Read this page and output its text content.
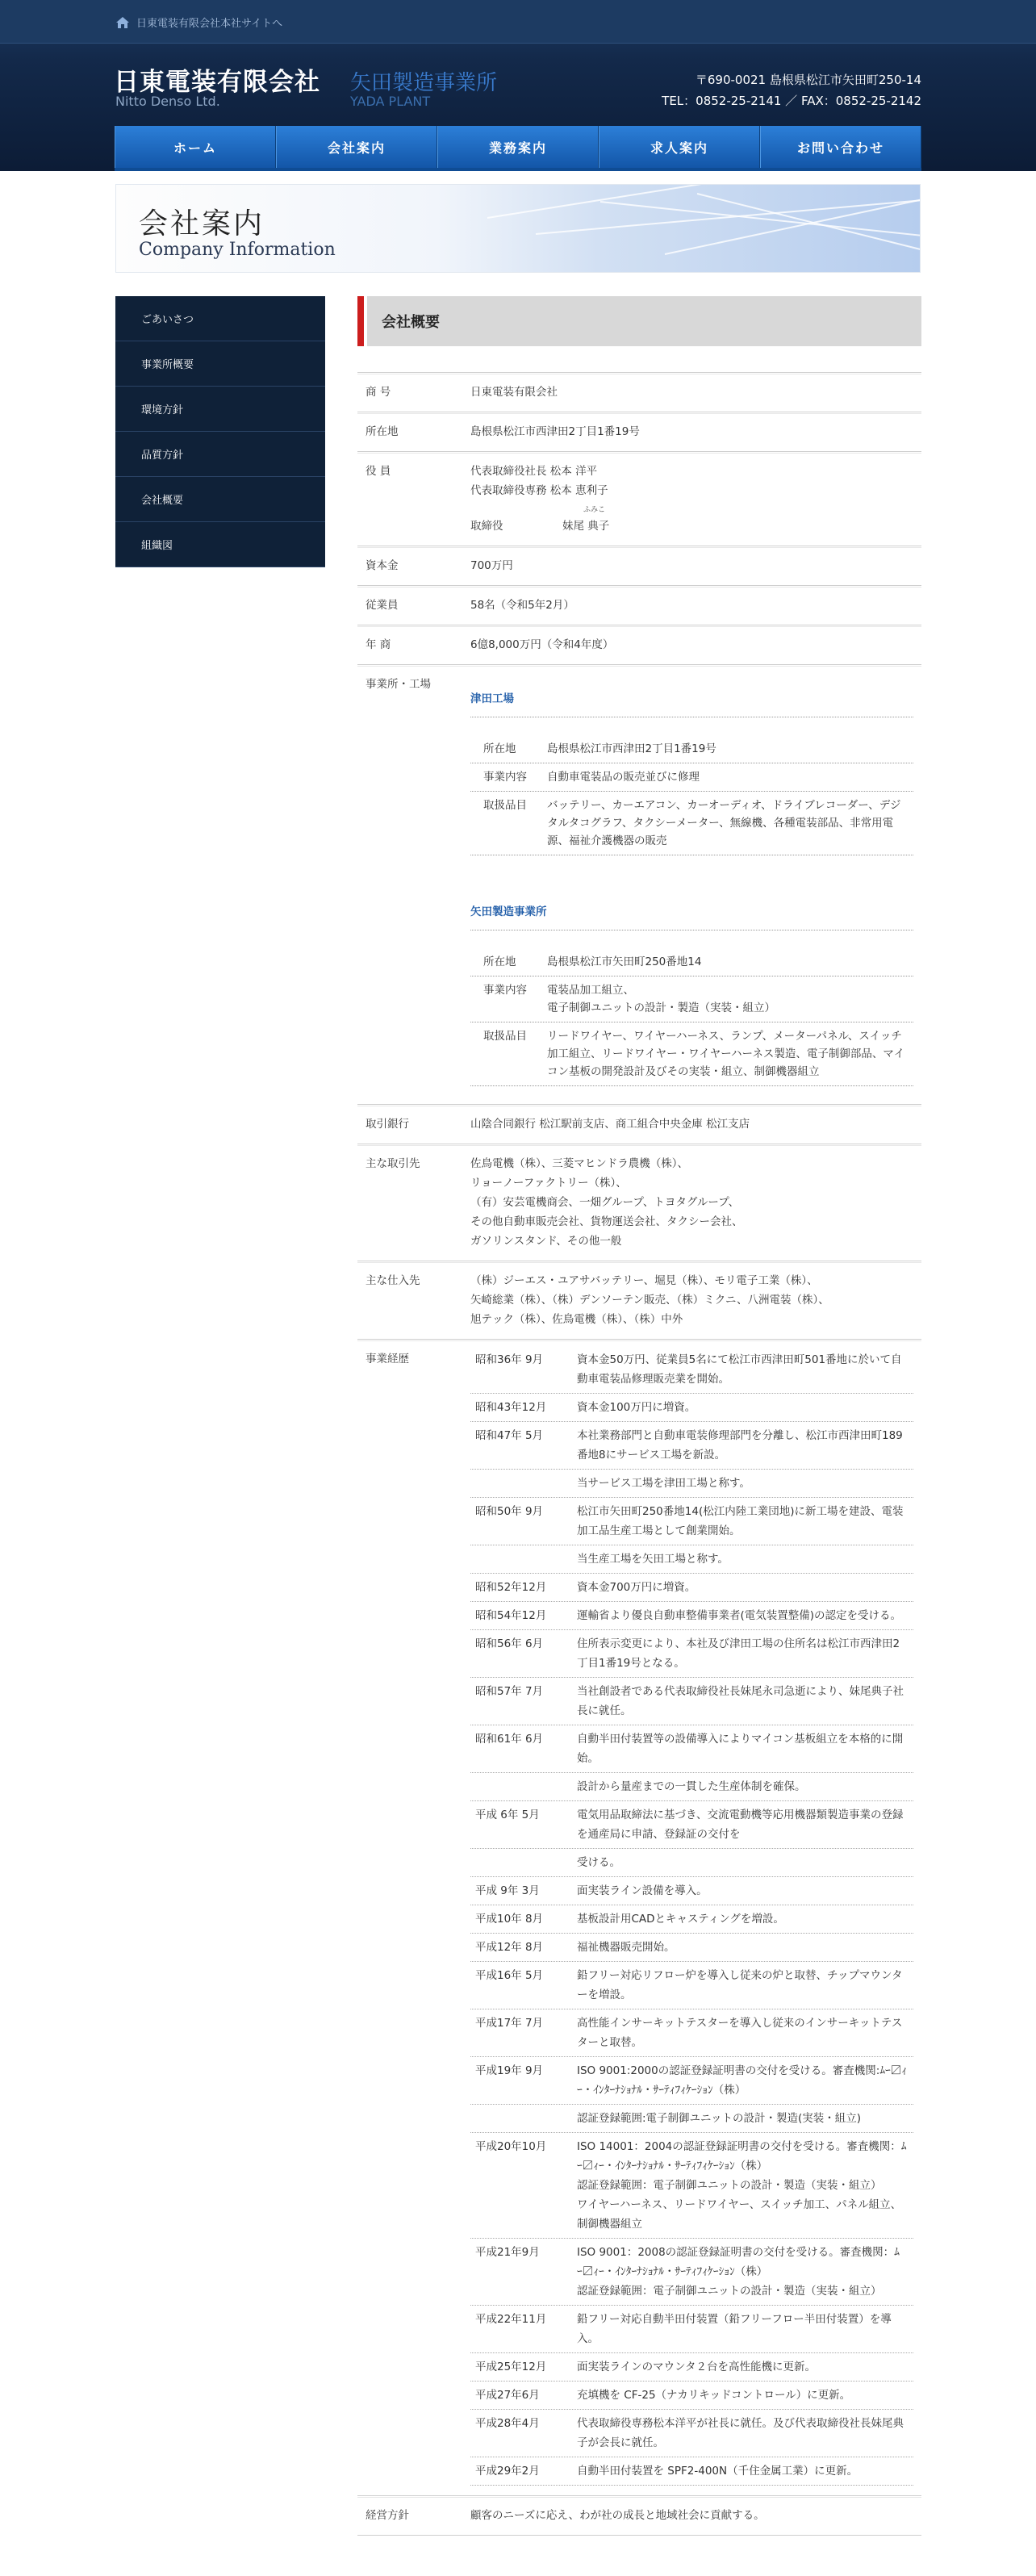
日東電装有限会社本社サイトへ
日東電装有限会社
Nitto Denso Ltd.
矢田製造事業所
YADA PLANT
〒690-0021 島根県松江市矢田町250-14
TEL：0852-25-2141 ／ FAX：0852-25-2142
ホーム	会社案内	業務案内	求人案内	お問い合わせ
会社案内
Company Information
ごあいさつ
事業所概要
環境方針
品質方針
会社概要
組織図
会社概要
商 号	日東電装有限会社
所在地	島根県松江市西津田2丁目1番19号
役 員	代表取締役社長 松本 洋平
代表取締役専務 松本 恵利子
取締役
ふみこ
妹尾 典子
資本金	700万円
従業員	58名（令和5年2月）
年 商	6億8,000万円（令和4年度）
事業所・工場
津田工場
所在地	島根県松江市西津田2丁目1番19号
事業内容	自動車電装品の販売並びに修理
取扱品目	バッテリー、カーエアコン、カーオーディオ、ドライブレコーダー、デジタルタコグラフ、タクシーメーター、無線機、各種電装部品、非常用電源、福祉介護機器の販売
矢田製造事業所
所在地	島根県松江市矢田町250番地14
事業内容	電装品加工組立、
電子制御ユニットの設計・製造（実装・組立）
取扱品目	リードワイヤー、ワイヤーハーネス、ランプ、メーターパネル、スイッチ加工組立、リードワイヤー・ワイヤーハーネス製造、電子制御部品、マイコン基板の開発設計及びその実装・組立、制御機器組立
取引銀行	山陰合同銀行 松江駅前支店、商工組合中央金庫 松江支店
主な取引先	佐鳥電機（株）、三菱マヒンドラ農機（株）、
リョーノーファクトリー（株）、
（有）安芸電機商会、一畑グループ、トヨタグループ、
その他自動車販売会社、貨物運送会社、タクシー会社、
ガソリンスタンド、その他一般
主な仕入先	（株）ジーエス・ユアサバッテリー、堀見（株）、モリ電子工業（株）、
矢崎総業（株）、（株）デンソーテン販売、（株）ミクニ、八洲電装（株）、
旭テック（株）、佐鳥電機（株）、（株）中外
事業経歴	昭和36年 9月	資本金50万円、従業員5名にて松江市西津田町501番地に於いて自動車電装品修理販売業を開始。
昭和43年12月	資本金100万円に増資。
昭和47年 5月	本社業務部門と自動車電装修理部門を分離し、松江市西津田町189番地8にサービス工場を新設。
当サービス工場を津田工場と称す。
昭和50年 9月	松江市矢田町250番地14(松江内陸工業団地)に新工場を建設、電装加工品生産工場として創業開始。
当生産工場を矢田工場と称す。
昭和52年12月	資本金700万円に増資。
昭和54年12月	運輸省より優良自動車整備事業者(電気装置整備)の認定を受ける。
昭和56年 6月	住所表示変更により、本社及び津田工場の住所名は松江市西津田2丁目1番19号となる。
昭和57年 7月	当社創設者である代表取締役社長妹尾永司急逝により、妹尾典子社長に就任。
昭和61年 6月	自動半田付装置等の設備導入によりマイコン基板組立を本格的に開始。
設計から量産までの一貫した生産体制を確保。
平成 6年 5月	電気用品取締法に基づき、交流電動機等応用機器類製造事業の登録を通産局に申請、登録証の交付を
受ける。
平成 9年 3月	面実装ライン設備を導入。
平成10年 8月	基板設計用CADとキャスティングを増設。
平成12年 8月	福祉機器販売開始。
平成16年 5月	鉛フリー対応リフロー炉を導入し従来の炉と取替、チップマウンターを増設。
平成17年 7月	高性能インサーキットテスターを導入し従来のインサーキットテスターと取替。
平成19年 9月	ISO 9001:2000の認証登録証明書の交付を受ける。審査機関:ﾑｰ〼ｨｰ・ｲﾝﾀｰﾅｼｮﾅﾙ・ｻｰﾃｨﾌｨｹｰｼｮﾝ（株）
認証登録範囲:電子制御ユニットの設計・製造(実装・組立)
平成20年10月	ISO 14001：2004の認証登録証明書の交付を受ける。審査機関：ﾑｰ〼ｨｰ・ｲﾝﾀｰﾅｼｮﾅﾙ・ｻｰﾃｨﾌｨｹｰｼｮﾝ（株）
認証登録範囲：電子制御ユニットの設計・製造（実装・組立）
ワイヤーハーネス、リードワイヤー、スイッチ加工、パネル組立、制御機器組立
平成21年9月	ISO 9001：2008の認証登録証明書の交付を受ける。審査機関：ﾑｰ〼ｨｰ・ｲﾝﾀｰﾅｼｮﾅﾙ・ｻｰﾃｨﾌｨｹｰｼｮﾝ（株）
認証登録範囲：電子制御ユニットの設計・製造（実装・組立）
平成22年11月	鉛フリー対応自動半田付装置（鉛フリーフロー半田付装置）を導入。
平成25年12月	面実装ラインのマウンタ２台を高性能機に更新。
平成27年6月	充填機を CF-25（ナカリキッドコントロール）に更新。
平成28年4月	代表取締役専務松本洋平が社長に就任。及び代表取締役社長妹尾典子が会長に就任。
平成29年2月	自動半田付装置を SPF2-400N（千住金属工業）に更新。
経営方針	顧客のニーズに応え、わが社の成長と地域社会に貢献する。
